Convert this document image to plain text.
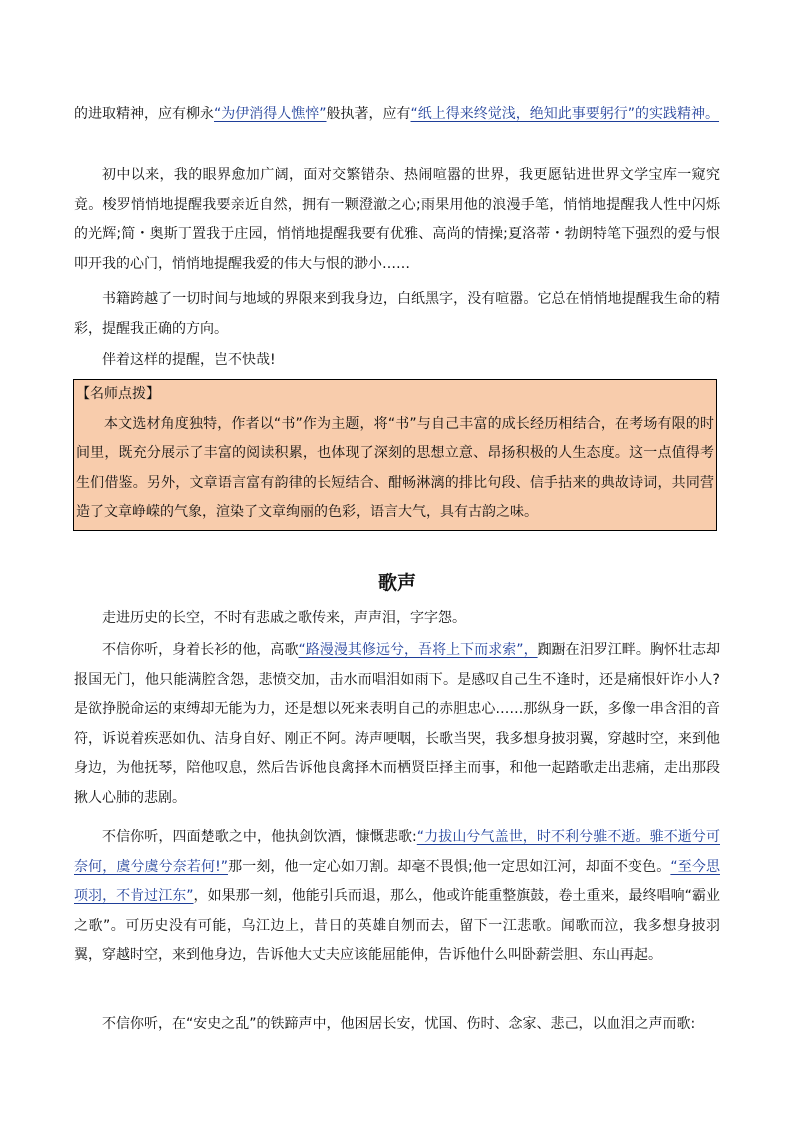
的进取精神，应有柳永“为伊消得人憔悴”般执著，应有“纸上得来终觉浅，绝知此事要躬行”的实践精神。

初中以来，我的眼界愈加广阔，面对交繁错杂、热闹喧嚣的世界，我更愿钻进世界文学宝库一窥究竟。梭罗悄悄地提醒我要亲近自然，拥有一颗澄澈之心;雨果用他的浪漫手笔，悄悄地提醒我人性中闪烁的光辉;简・奥斯丁置我于庄园，悄悄地提醒我要有优雅、高尚的情操;夏洛蒂・勃朗特笔下强烈的爱与恨叩开我的心门，悄悄地提醒我爱的伟大与恨的渺小……

书籍跨越了一切时间与地域的界限来到我身边，白纸黑字，没有喧嚣。它总在悄悄地提醒我生命的精彩，提醒我正确的方向。

伴着这样的提醒，岂不快哉!

【名师点拨】

本文选材角度独特，作者以“书”作为主题，将“书”与自己丰富的成长经历相结合，在考场有限的时间里，既充分展示了丰富的阅读积累，也体现了深刻的思想立意、昂扬积极的人生态度。这一点值得考生们借鉴。另外，文章语言富有韵律的长短结合、酣畅淋漓的排比句段、信手拈来的典故诗词，共同营造了文章峥嵘的气象，渲染了文章绚丽的色彩，语言大气，具有古韵之味。

歌声

走进历史的长空，不时有悲戚之歌传来，声声泪，字字怨。

不信你听，身着长衫的他，高歌“路漫漫其修远兮，吾将上下而求索”，踟蹰在汨罗江畔。胸怀壮志却报国无门，他只能满腔含怨，悲愤交加，击水而唱泪如雨下。是感叹自己生不逢时，还是痛恨奸诈小人?是欲挣脱命运的束缚却无能为力，还是想以死来表明自己的赤胆忠心……那纵身一跃，多像一串含泪的音符，诉说着疾恶如仇、洁身自好、刚正不阿。涛声哽咽，长歌当哭，我多想身披羽翼，穿越时空，来到他身边，为他抚琴，陪他叹息，然后告诉他良禽择木而栖贤臣择主而事，和他一起踏歌走出悲痛，走出那段揪人心肺的悲剧。

不信你听，四面楚歌之中，他执剑饮酒，慷慨悲歌:“力拔山兮气盖世，时不利兮骓不逝。骓不逝兮可奈何，虞兮虞兮奈若何!”那一刻，他一定心如刀割。却毫不畏惧;他一定思如江河，却面不变色。“至今思项羽，不肯过江东”，如果那一刻，他能引兵而退，那么，他或许能重整旗鼓，卷土重来，最终唱响“霸业之歌”。可历史没有可能，乌江边上，昔日的英雄自刎而去，留下一江悲歌。闻歌而泣，我多想身披羽翼，穿越时空，来到他身边，告诉他大丈夫应该能屈能伸，告诉他什么叫卧薪尝胆、东山再起。

不信你听，在“安史之乱”的铁蹄声中，他困居长安，忧国、伤时、念家、悲己，以血泪之声而歌:
